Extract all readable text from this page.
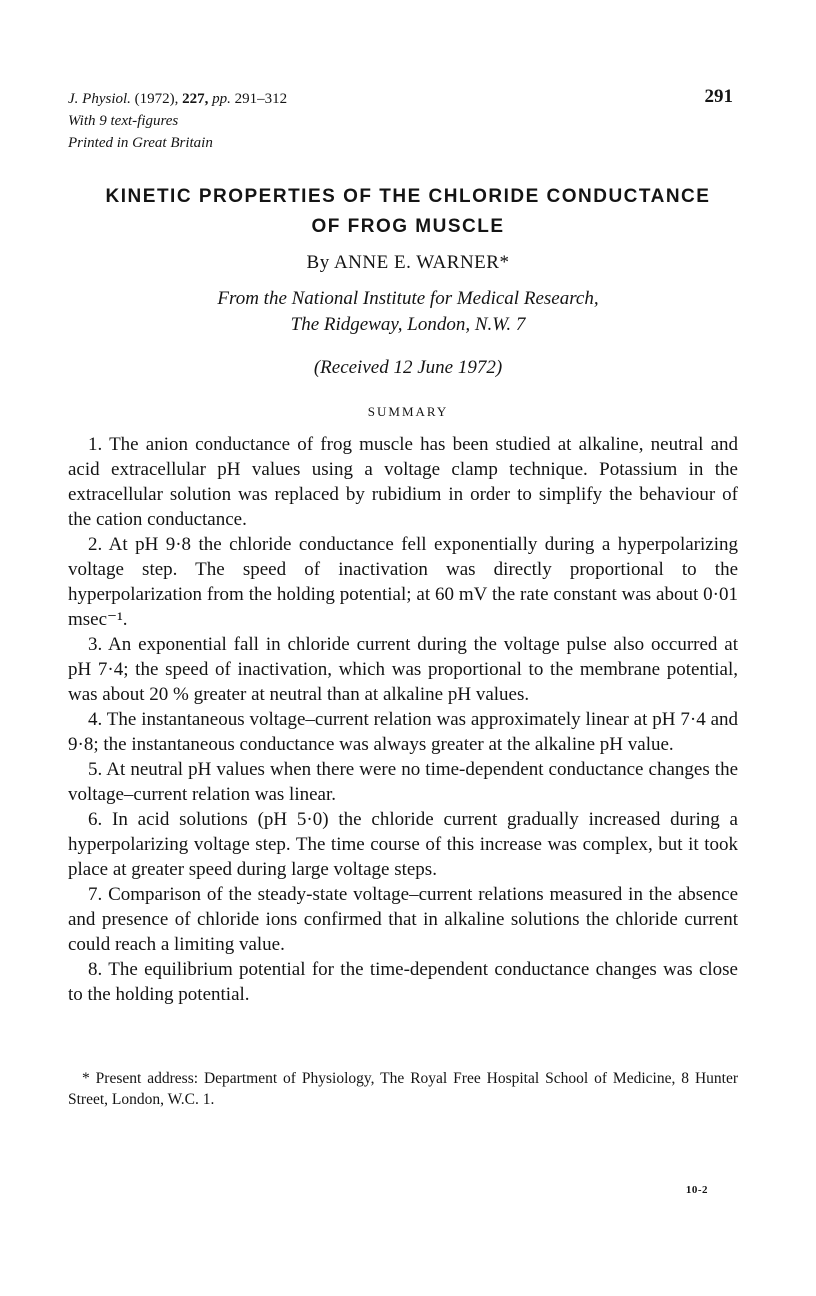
J. Physiol. (1972), 227, pp. 291–312
With 9 text-figures
Printed in Great Britain
291
KINETIC PROPERTIES OF THE CHLORIDE CONDUCTANCE
OF FROG MUSCLE
By ANNE E. WARNER*
From the National Institute for Medical Research,
The Ridgeway, London, N.W. 7
(Received 12 June 1972)
SUMMARY

1. The anion conductance of frog muscle has been studied at alkaline, neutral and acid extracellular pH values using a voltage clamp technique. Potassium in the extracellular solution was replaced by rubidium in order to simplify the behaviour of the cation conductance.

2. At pH 9·8 the chloride conductance fell exponentially during a hyperpolarizing voltage step. The speed of inactivation was directly proportional to the hyperpolarization from the holding potential; at 60 mV the rate constant was about 0·01 msec⁻¹.

3. An exponential fall in chloride current during the voltage pulse also occurred at pH 7·4; the speed of inactivation, which was proportional to the membrane potential, was about 20 % greater at neutral than at alkaline pH values.

4. The instantaneous voltage–current relation was approximately linear at pH 7·4 and 9·8; the instantaneous conductance was always greater at the alkaline pH value.

5. At neutral pH values when there were no time-dependent conductance changes the voltage–current relation was linear.

6. In acid solutions (pH 5·0) the chloride current gradually increased during a hyperpolarizing voltage step. The time course of this increase was complex, but it took place at greater speed during large voltage steps.

7. Comparison of the steady-state voltage–current relations measured in the absence and presence of chloride ions confirmed that in alkaline solutions the chloride current could reach a limiting value.

8. The equilibrium potential for the time-dependent conductance changes was close to the holding potential.

* Present address: Department of Physiology, The Royal Free Hospital School of Medicine, 8 Hunter Street, London, W.C. 1.
10-2
